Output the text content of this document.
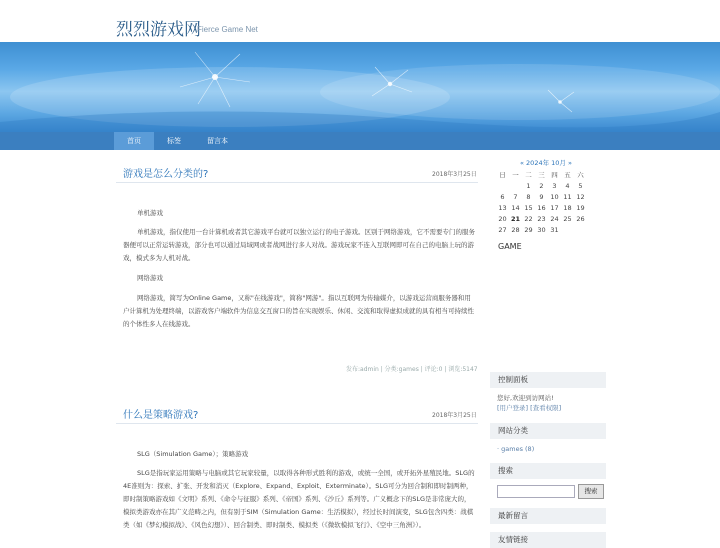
烈烈游戏网
Fierce Game Net
首页	标签	留言本
游戏是怎么分类的?	2018年3月25日
单机游戏
单机游戏，指仅使用一台计算机或者其它游戏平台就可以独立运行的电子游戏。区别于网络游戏，它不需要专门的服务器便可以正常运转游戏，部分也可以通过局域网或者战网进行多人对战。游戏玩家不连入互联网即可在自己的电脑上玩的游戏，模式多为人机对战。
网络游戏
网络游戏，简写为Online Game，又称"在线游戏"，简称"网游"。指以互联网为传输媒介，以游戏运营商服务器和用户计算机为处理终端，以游戏客户端软件为信息交互窗口的旨在实现娱乐、休闲、交流和取得虚拟成就的具有相当可持续性的个体性多人在线游戏。
发布:admin | 分类:games | 评论:0 | 浏览:5147
什么是策略游戏?	2018年3月25日
SLG（Simulation Game）；策略游戏
SLG是指玩家运用策略与电脑或其它玩家较量，以取得各种形式胜利的游戏，或统一全国，或开拓外星殖民地。SLG的4E准则为：探索、扩张、开发和消灭（Explore、Expand、Exploit、Exterminate）。SLG可分为回合制和即时制两种，即时制策略游戏如《文明》系列、《命令与征服》系列、《帝国》系列、《沙丘》系列等。广义概念下的SLG是非常庞大的，模拟类游戏亦在其广义范畴之内，但有别于SIM（Simulation Game：生活模拟），经过长时间演变，SLG包含四类：战棋类（如《梦幻模拟战》、《风色幻想》）、回合制类、即时制类、模拟类（《微软模拟飞行》、《空中三角洲》）。
« 2024年 10月 »
日	一	二	三	四	五	六
		1	2	3	4	5
6	7	8	9	10	11	12
13	14	15	16	17	18	19
20	21	22	23	24	25	26
27	28	29	30	31		
GAME
控制面板
您好,欢迎到访网站!
[用户登录] [查看权限]
网站分类
· games (8)
搜索
搜索
最新留言
友情链接
